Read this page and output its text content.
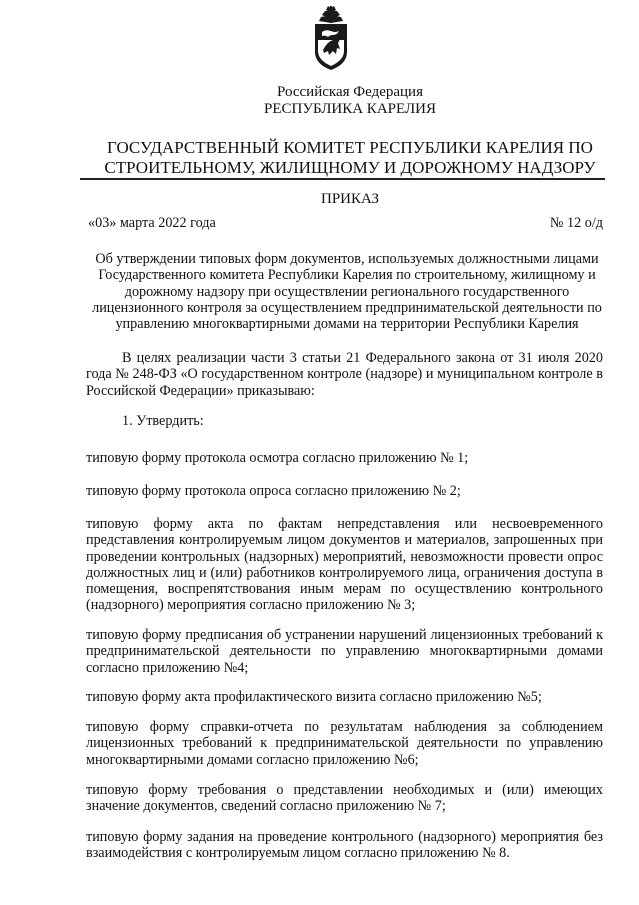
Российская Федерация
РЕСПУБЛИКА КАРЕЛИЯ
ГОСУДАРСТВЕННЫЙ КОМИТЕТ РЕСПУБЛИКИ КАРЕЛИЯ ПО
СТРОИТЕЛЬНОМУ, ЖИЛИЩНОМУ И ДОРОЖНОМУ НАДЗОРУ
ПРИКАЗ
«03» марта 2022 года	№ 12 о/д
Об утверждении типовых форм документов, используемых должностными лицами
Государственного комитета Республики Карелия по строительному, жилищному и
дорожному надзору при осуществлении регионального государственного
лицензионного контроля за осуществлением предпринимательской деятельности по
управлению многоквартирными домами на территории Республики Карелия
В целях реализации части 3 статьи 21 Федерального закона от 31 июля 2020 года № 248-ФЗ «О государственном контроле (надзоре) и муниципальном контроле в Российской Федерации» приказываю:
1. Утвердить:
типовую форму протокола осмотра согласно приложению № 1;
типовую форму протокола опроса согласно приложению № 2;
типовую форму акта по фактам непредставления или несвоевременного представления контролируемым лицом документов и материалов, запрошенных при проведении контрольных (надзорных) мероприятий, невозможности провести опрос должностных лиц и (или) работников контролируемого лица, ограничения доступа в помещения, воспрепятствования иным мерам по осуществлению контрольного (надзорного) мероприятия согласно приложению № 3;
типовую форму предписания об устранении нарушений лицензионных требований к предпринимательской деятельности по управлению многоквартирными домами согласно приложению №4;
типовую форму акта профилактического визита согласно приложению №5;
типовую форму справки-отчета по результатам наблюдения за соблюдением лицензионных требований к предпринимательской деятельности по управлению многоквартирными домами согласно приложению №6;
типовую форму требования о представлении необходимых и (или) имеющих значение документов, сведений согласно приложению № 7;
типовую форму задания на проведение контрольного (надзорного) мероприятия без взаимодействия с контролируемым лицом согласно приложению № 8.
